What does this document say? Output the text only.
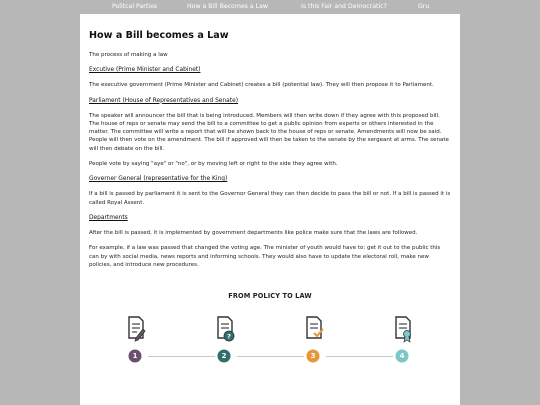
Politcal Parties	How a Bill Becomes a Law	Is this Fair and Democratic?	Gru
How a Bill becomes a Law

The process of making a law

Excutive (Prime Minister and Cabinet)

The executive government (Prime Minister and Cabinet) creates a bill (potential law). They will then propose it to Parliament.

Parliament (House of Representatives and Senate)

The speaker will announcer the bill that is being introduced. Members will then write down if they agree with this proposed bill. The house of reps or senate may send the bill to a committee to get a public opinion from experts or others interested in the matter. The committee will write a report that will be shown back to the house of reps or senate. Amendments will now be said. People will then vote on the amendment. The bill if approved will then be taken to the senate by the sergeant at arms. The senate will then debate on the bill.

People vote by saying "aye" or "no", or by moving left or right to the side they agree with.

Governer General (representative for the King)

If a bill is passed by parliament it is sent to the Governor General they can then decide to pass the bill or not. If a bill is passed it is called Royal Assent.

Departments

After the bill is passed, it is implemented by government departments like police make sure that the laws are followed.

For example, if a law was passed that changed the voting age. The minister of youth would have to: get it out to the public this can by with social media, news reports and informing schools. They would also have to update the electoral roll, make new policies, and introduce new procedures.

FROM POLICY TO LAW
1
?
2	3	4
